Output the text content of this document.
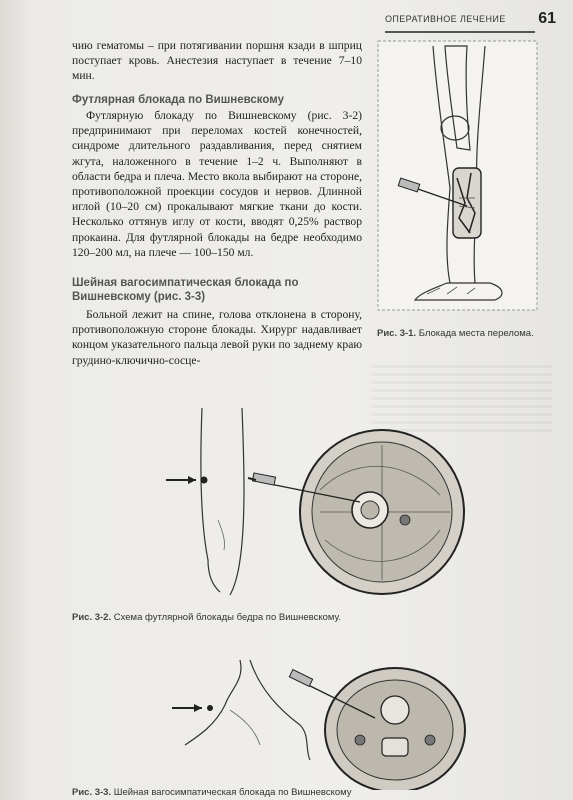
ОПЕРАТИВНОЕ ЛЕЧЕНИЕ 61

чию гематомы – при потягивании поршня кзади в шприц поступает кровь. Анестезия наступает в течение 7–10 мин.

Футлярная блокада по Вишневскому

Футлярную блокаду по Вишневскому (рис. 3-2) предпринимают при переломах костей конечностей, синдроме длительного раздавливания, перед снятием жгута, наложенного в течение 1–2 ч. Выполняют в области бедра и плеча. Место вкола выбирают на стороне, противоположной проекции сосудов и нервов. Длинной иглой (10–20 см) прокалывают мягкие ткани до кости. Несколько оттянув иглу от кости, вводят 0,25% раствор прокаина. Для футлярной блокады на бедре необходимо 120–200 мл, на плече — 100–150 мл.

Шейная вагосимпатическая блокада по Вишневскому (рис. 3-3)

Больной лежит на спине, голова отклонена в сторону, противоположную стороне блокады. Хирург надавливает концом указательного пальца левой руки по заднему краю грудино-ключично-сосце-

Рис. 3-1. Блокада места перелома.
Рис. 3-2. Схема футлярной блокады бедра по Вишневскому.
Рис. 3-3. Шейная вагосимпатическая блокада по Вишневскому
